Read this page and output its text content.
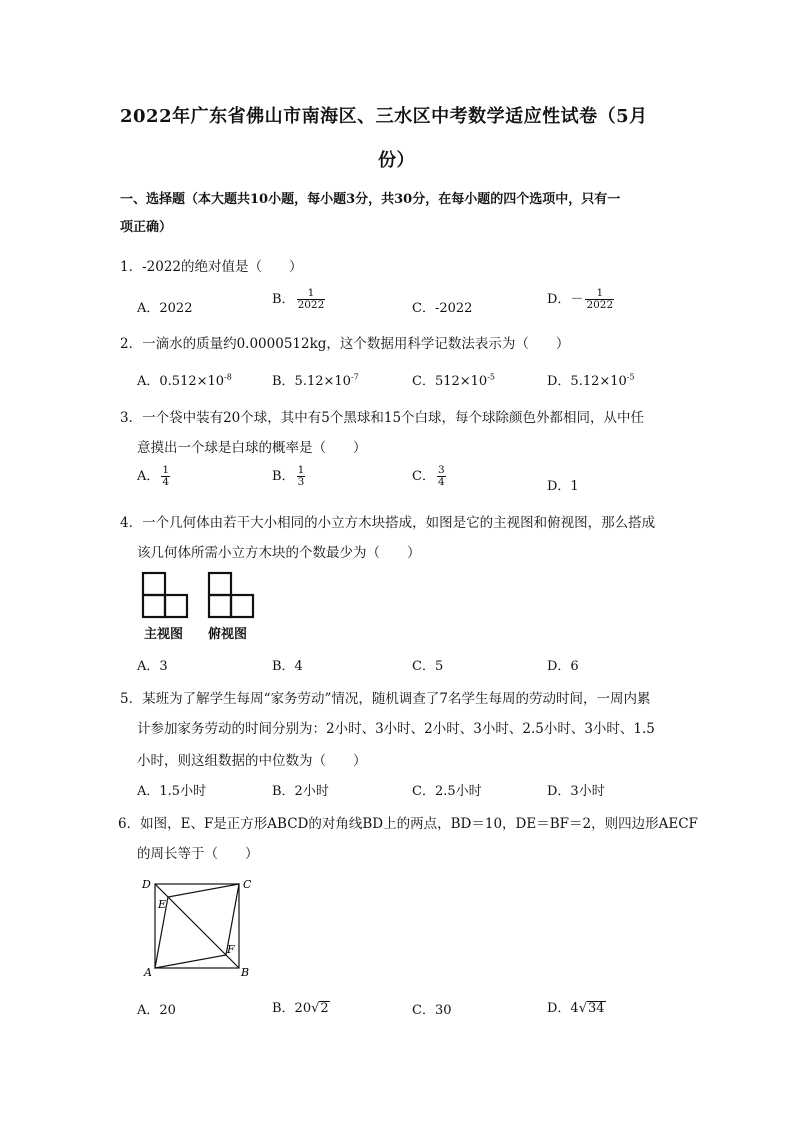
2022年广东省佛山市南海区、三水区中考数学适应性试卷（5月
份）
一、选择题（本大题共10小题，每小题3分，共30分，在每小题的四个选项中，只有一
项正确）
1．-2022的绝对值是（　　）
A．2022
B． $\frac{1}{2022}$	C．-2022
D．－ $\frac{1}{2022}$
2．一滴水的质量约0.0000512kg，这个数据用科学记数法表示为（　　）
A．$0.512\times 10^{-8}$	B．$5.12\times 10^{-7}$	C．$512\times 10^{-5}$	D．$5.12\times 10^{-5}$
3．一个袋中装有20个球，其中有5个黑球和15个白球，每个球除颜色外都相同，从中任
意摸出一个球是白球的概率是（　　）
A． $\frac{1}{4}$	B． $\frac{1}{3}$	C． $\frac{3}{4}$	D．1
4．一个几何体由若干大小相同的小立方木块搭成，如图是它的主视图和俯视图，那么搭成
该几何体所需小立方木块的个数最少为（　　）
主视图 俯视图
A．3	B．4	C．5	D．6
5．某班为了解学生每周“家务劳动”情况，随机调查了7名学生每周的劳动时间，一周内累
计参加家务劳动的时间分别为：2小时、3小时、2小时、3小时、2.5小时、3小时、1.5
小时，则这组数据的中位数为（　　）
A．1.5小时	B．2小时	C．2.5小时	D．3小时
6．如图，E、F是正方形ABCD的对角线BD上的两点，BD＝10，DE＝BF＝2，则四边形AECF
的周长等于（　　）
D	C
E
F
A	B
A．20	B．20√2	C．30	D．4√34
